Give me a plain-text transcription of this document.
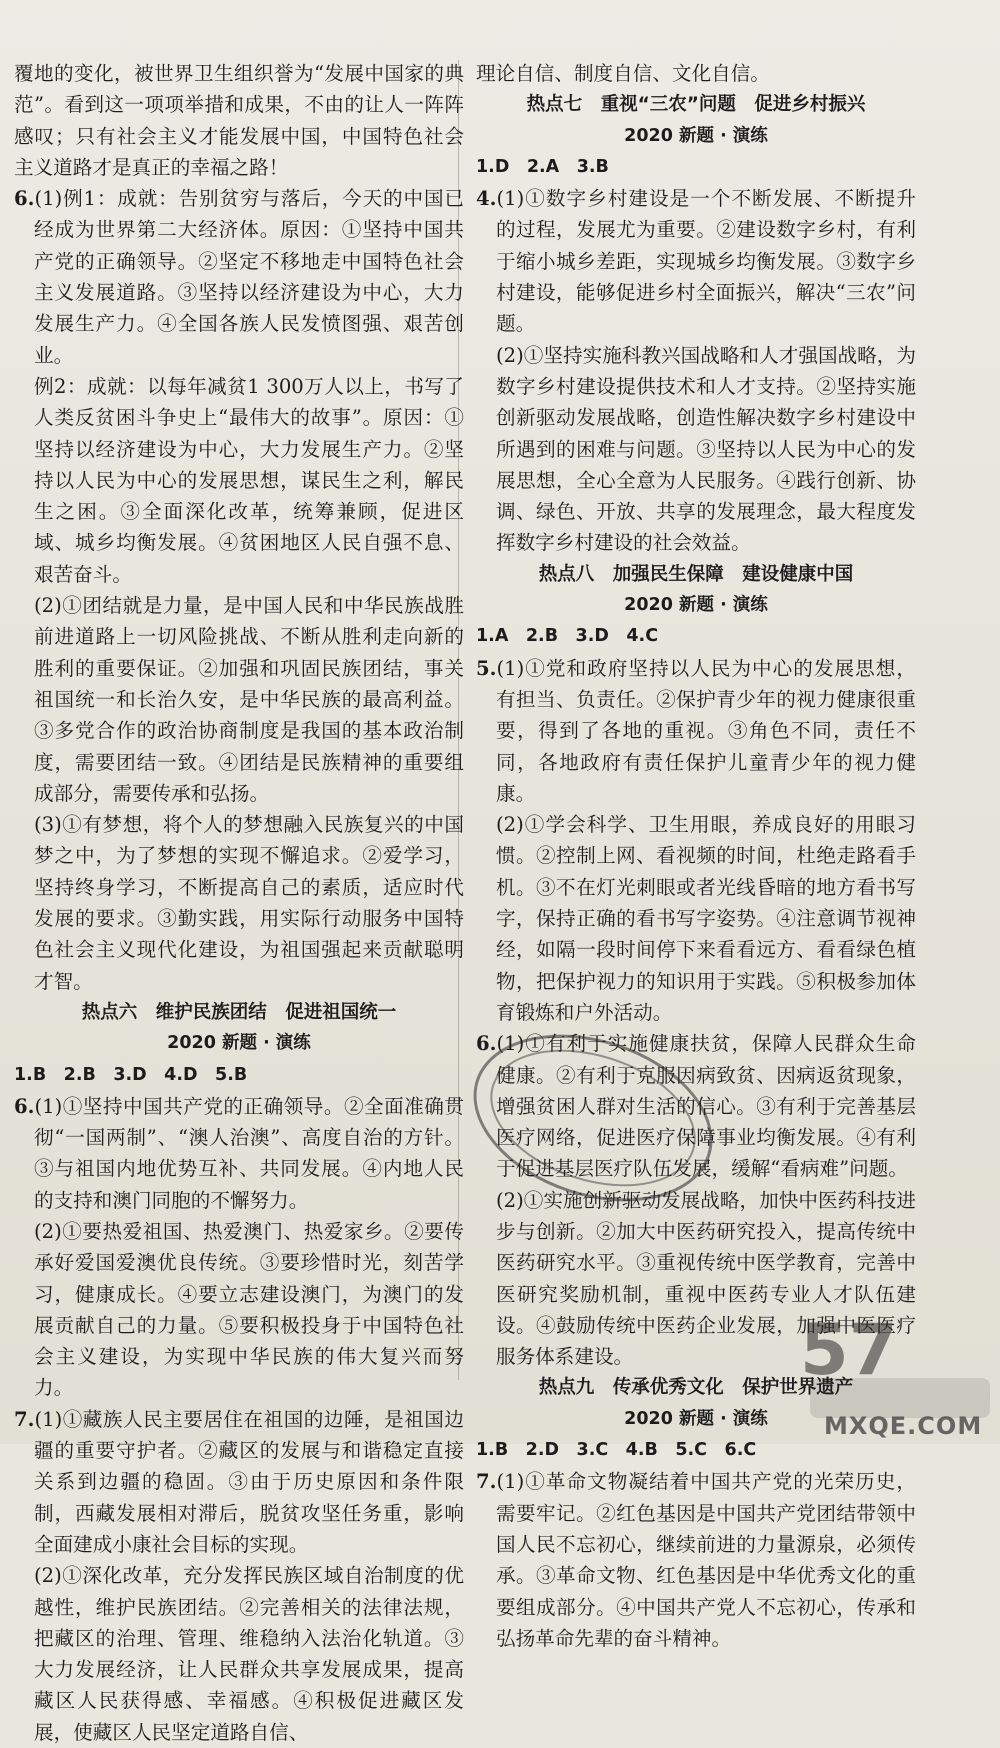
覆地的变化，被世界卫生组织誉为“发展中国家的典范”。看到这一项项举措和成果，不由的让人一阵阵感叹；只有社会主义才能发展中国，中国特色社会主义道路才是真正的幸福之路！

6.(1)例1：成就：告别贫穷与落后，今天的中国已经成为世界第二大经济体。原因：①坚持中国共产党的正确领导。②坚定不移地走中国特色社会主义发展道路。③坚持以经济建设为中心，大力发展生产力。④全国各族人民发愤图强、艰苦创业。

例2：成就：以每年减贫1 300万人以上，书写了人类反贫困斗争史上“最伟大的故事”。原因：①坚持以经济建设为中心，大力发展生产力。②坚持以人民为中心的发展思想，谋民生之利，解民生之困。③全面深化改革，统筹兼顾，促进区域、城乡均衡发展。④贫困地区人民自强不息、艰苦奋斗。

(2)①团结就是力量，是中国人民和中华民族战胜前进道路上一切风险挑战、不断从胜利走向新的胜利的重要保证。②加强和巩固民族团结，事关祖国统一和长治久安，是中华民族的最高利益。③多党合作的政治协商制度是我国的基本政治制度，需要团结一致。④团结是民族精神的重要组成部分，需要传承和弘扬。

(3)①有梦想，将个人的梦想融入民族复兴的中国梦之中，为了梦想的实现不懈追求。②爱学习，坚持终身学习，不断提高自己的素质，适应时代发展的要求。③勤实践，用实际行动服务中国特色社会主义现代化建设，为祖国强起来贡献聪明才智。

热点六　维护民族团结　促进祖国统一

2020 新题 · 演练

1.B　2.B　3.D　4.D　5.B

6.(1)①坚持中国共产党的正确领导。②全面准确贯彻“一国两制”、“澳人治澳”、高度自治的方针。③与祖国内地优势互补、共同发展。④内地人民的支持和澳门同胞的不懈努力。

(2)①要热爱祖国、热爱澳门、热爱家乡。②要传承好爱国爱澳优良传统。③要珍惜时光，刻苦学习，健康成长。④要立志建设澳门，为澳门的发展贡献自己的力量。⑤要积极投身于中国特色社会主义建设，为实现中华民族的伟大复兴而努力。

7.(1)①藏族人民主要居住在祖国的边陲，是祖国边疆的重要守护者。②藏区的发展与和谐稳定直接关系到边疆的稳固。③由于历史原因和条件限制，西藏发展相对滞后，脱贫攻坚任务重，影响全面建成小康社会目标的实现。

(2)①深化改革，充分发挥民族区域自治制度的优越性，维护民族团结。②完善相关的法律法规，把藏区的治理、管理、维稳纳入法治化轨道。③大力发展经济，让人民群众共享发展成果，提高藏区人民获得感、幸福感。④积极促进藏区发展，使藏区人民坚定道路自信、

理论自信、制度自信、文化自信。

热点七　重视“三农”问题　促进乡村振兴

2020 新题 · 演练

1.D　2.A　3.B

4.(1)①数字乡村建设是一个不断发展、不断提升的过程，发展尤为重要。②建设数字乡村，有利于缩小城乡差距，实现城乡均衡发展。③数字乡村建设，能够促进乡村全面振兴，解决“三农”问题。

(2)①坚持实施科教兴国战略和人才强国战略，为数字乡村建设提供技术和人才支持。②坚持实施创新驱动发展战略，创造性解决数字乡村建设中所遇到的困难与问题。③坚持以人民为中心的发展思想，全心全意为人民服务。④践行创新、协调、绿色、开放、共享的发展理念，最大程度发挥数字乡村建设的社会效益。

热点八　加强民生保障　建设健康中国

2020 新题 · 演练

1.A　2.B　3.D　4.C

5.(1)①党和政府坚持以人民为中心的发展思想，有担当、负责任。②保护青少年的视力健康很重要，得到了各地的重视。③角色不同，责任不同，各地政府有责任保护儿童青少年的视力健康。

(2)①学会科学、卫生用眼，养成良好的用眼习惯。②控制上网、看视频的时间，杜绝走路看手机。③不在灯光刺眼或者光线昏暗的地方看书写字，保持正确的看书写字姿势。④注意调节视神经，如隔一段时间停下来看看远方、看看绿色植物，把保护视力的知识用于实践。⑤积极参加体育锻炼和户外活动。

6.(1)①有利于实施健康扶贫，保障人民群众生命健康。②有利于克服因病致贫、因病返贫现象，增强贫困人群对生活的信心。③有利于完善基层医疗网络，促进医疗保障事业均衡发展。④有利于促进基层医疗队伍发展，缓解“看病难”问题。

(2)①实施创新驱动发展战略，加快中医药科技进步与创新。②加大中医药研究投入，提高传统中医药研究水平。③重视传统中医学教育，完善中医研究奖励机制，重视中医药专业人才队伍建设。④鼓励传统中医药企业发展，加强中医医疗服务体系建设。

热点九　传承优秀文化　保护世界遗产

2020 新题 · 演练

1.B　2.D　3.C　4.B　5.C　6.C

7.(1)①革命文物凝结着中国共产党的光荣历史，需要牢记。②红色基因是中国共产党团结带领中国人民不忘初心，继续前进的力量源泉，必须传承。③革命文物、红色基因是中华优秀文化的重要组成部分。④中国共产党人不忘初心，传承和弘扬革命先辈的奋斗精神。

57
MXQE.COM
